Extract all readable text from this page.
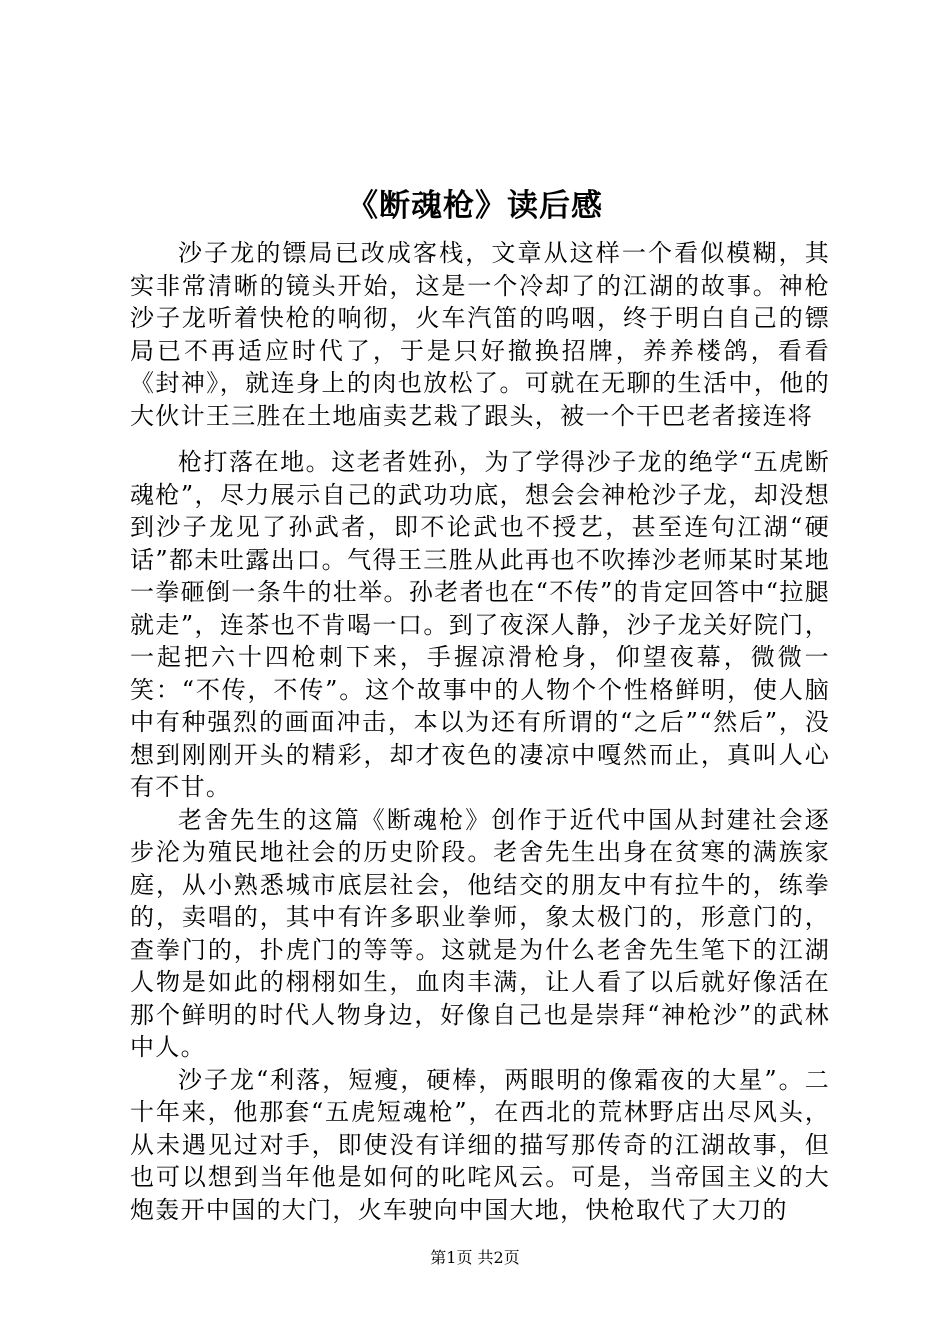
《断魂枪》读后感

沙子龙的镖局已改成客栈，文章从这样一个看似模糊，其实非常清晰的镜头开始，这是一个冷却了的江湖的故事。神枪沙子龙听着快枪的响彻，火车汽笛的呜咽，终于明白自己的镖局已不再适应时代了，于是只好撤换招牌，养养楼鸽，看看《封神》，就连身上的肉也放松了。可就在无聊的生活中，他的大伙计王三胜在土地庙卖艺栽了跟头，被一个干巴老者接连将

枪打落在地。这老者姓孙，为了学得沙子龙的绝学“五虎断魂枪”，尽力展示自己的武功功底，想会会神枪沙子龙，却没想到沙子龙见了孙武者，即不论武也不授艺，甚至连句江湖“硬话”都未吐露出口。气得王三胜从此再也不吹捧沙老师某时某地一拳砸倒一条牛的壮举。孙老者也在“不传”的肯定回答中“拉腿就走”，连茶也不肯喝一口。到了夜深人静，沙子龙关好院门，一起把六十四枪刺下来，手握凉滑枪身，仰望夜幕，微微一笑：“不传，不传”。这个故事中的人物个个性格鲜明，使人脑中有种强烈的画面冲击，本以为还有所谓的“之后”“然后”，没想到刚刚开头的精彩，却才夜色的凄凉中嘎然而止，真叫人心有不甘。

老舍先生的这篇《断魂枪》创作于近代中国从封建社会逐步沦为殖民地社会的历史阶段。老舍先生出身在贫寒的满族家庭，从小熟悉城市底层社会，他结交的朋友中有拉牛的，练拳的，卖唱的，其中有许多职业拳师，象太极门的，形意门的，查拳门的，扑虎门的等等。这就是为什么老舍先生笔下的江湖人物是如此的栩栩如生，血肉丰满，让人看了以后就好像活在那个鲜明的时代人物身边，好像自己也是崇拜“神枪沙”的武林中人。

沙子龙“利落，短瘦，硬棒，两眼明的像霜夜的大星”。二十年来，他那套“五虎短魂枪”，在西北的荒林野店出尽风头，从未遇见过对手，即使没有详细的描写那传奇的江湖故事，但也可以想到当年他是如何的叱咤风云。可是，当帝国主义的大炮轰开中国的大门，火车驶向中国大地，快枪取代了大刀的

第1页 共2页
